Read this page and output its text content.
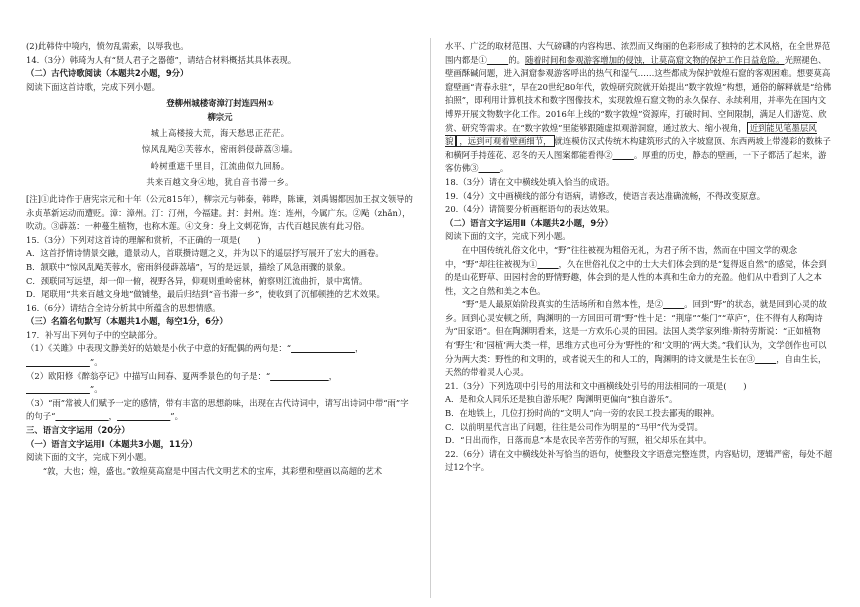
(2)此韩侍中境内，愤勿乱需索，以辱我也。

14.（3分）韩琦为人有“贤人君子之器德”，请结合材料概括其具体表现。

（二）古代诗歌阅读（本题共2小题，9分）

阅读下面这首诗歌，完成下列小题。

登柳州城楼寄漳汀封连四州①

柳宗元

城上高楼接大荒，海天愁思正茫茫。

惊风乱飐②芙蓉水，密雨斜侵薜荔③墙。

岭树重遮千里目，江流曲似九回肠。

共来百越文身④地，犹自音书滞一乡。

[注]①此诗作于唐宪宗元和十年（公元815年），柳宗元与韩泰，韩晔，陈谏，刘禹锡都因加王叔文领导的永贞革新运动而遭贬。漳：漳州。汀：汀州，今福建。封：封州。连：连州，今属广东。②飐（zhǎn），吹动。③薜荔：一种蔓生植物，也称木莲。④文身：身上文刺花饰，古代百越民族有此习俗。

15.（3分）下列对这首诗的理解和赏析，不正确的一项是(　　)

A．这首抒情诗情景交融，遣景动人，首联攒诗题之义，并为以下的遥层抒写展开了宏大的画卷。

B．颔联中“惊风乱飐芙蓉水，密雨斜侵薜荔墙”，写的是远景，描绘了风急雨骤的景象。

C．颈联同写远望，却一仰一俯，视野各异，仰观则重岭密林，俯察则江流曲折，景中寓情。

D．尾联用“共来百越文身地”做铺垫，最后归结到“音书滞一乡”，使收到了沉郁顿挫的艺术效果。

16.（6分）请结合全诗分析其中所蕴含的思想情感。

（三）名篇名句默写（本题共1小题，每空1分，6分）

17．补写出下列句子中的空缺部分。

（1）《关雎》中表现文静美好的姑娘是小伙子中意的好配偶的两句是：“	，
”。

（2）欧阳修《醉翁亭记》中描写山间春、夏两季景色的句子是：“	，
”。

（3）“雨”常被人们赋予一定的感情，带有丰富的思想韵味，出现在古代诗词中，请写出诗词中带“雨”字的句子“	，	”。

三、语言文字运用（20分）

（一）语言文字运用Ⅰ（本题共3小题，11分）

阅读下面的文字，完成下列小题。

“敦，大也；煌，盛也。”敦煌莫高窟是中国古代文明艺术的宝库，其彩塑和壁画以高超的艺术

水平、广泛的取材范围、大气磅礴的内容构思、浓烈而又绚丽的色彩形成了独特的艺术风格，在全世界范围内都是①	的。随着时间和参观游客增加的侵蚀，让莫高窟文物的保护工作日益危险。光照褪色、壁画酥碱问题，进入洞窟参观游客呼出的热气和湿气……这些都成为保护敦煌石窟的客观困难。想要莫高窟壁画“青春永驻”，早在20世纪80年代，敦煌研究院就开始提出“数字敦煌”构想，通俗的解释就是“给佛拍照”，即利用计算机技术和数字图像技术，实现敦煌石窟文物的永久保存、永续利用，并率先在国内文博界开展文物数字化工作。2016年上线的“数字敦煌”资源库，打破时间、空间限制，满足人们游览、欣赏、研究等需求。在“数字敦煌”里能够跟随虚拟观游洞窟，通过放大、缩小视角， 近到能见笔墨层风貌 ，远到可观着壁画细节， 就连模仿汉式传统木构建筑形式的入字坡窟顶、东西两坡上带漫彩的数株子和横阿手持莲花、忍冬的天人图案都能看得②	。厚重的历史，静态的壁画，一下子都活了起来，游客仿佛③	。

18.（3分）请在文中横线处填入恰当的成语。

19.（4分）文中画横线的部分有语病，请修改，使语言表达准确流畅，不得改变原意。

20.（4分）请简要分析画框语句的表达效果。

（二）语言文字运用Ⅱ（本题共2小题，9分）

阅读下面的文字，完成下列小题。

在中国传统礼俗文化中，“野”往往被视为粗俗无礼，为君子所不齿，然而在中国文学的观念中，“野”却往往被视为①	，久在世俗礼仪之中的士大夫们体会到的是“复得返自然”的感觉，体会到的是山花野草、田园村舍的野情野趣，体会到的是人性的本真和生命力的充盈。他们从中看到了人之本性，文之自然和美之本色。

“野”是人最原始阶段真实的生活场所和自然本性，是②	。回到“野”的状态，就是回到心灵的故乡。回到心灵安顿之所，陶渊明的一方回田可谓“野”性十足：“荆扉”“柴门”“草庐”，住不得有人称陶诗为“田家语”。但在陶渊明看来，这是一方欢乐心灵的田园。法国人类学家列维·斯特劳斯说：“正如植物有‘野生’和‘园植’两大类一样，思维方式也可分为‘野性的’和‘文明的’两大类。”我们认为，文学创作也可以分为两大类：野性的和文明的，或者说天生的和人工的，陶渊明的诗文就是生长在③	，自由生长，天然的带着灵人心灵。

21.（3分）下列选项中引号的用法和文中画横线处引号的用法相同的一项是(　　)

A．是和众人同乐还是独自游乐呢？陶渊明更偏向“独自游乐”。

B．在地铁上，几位打扮时尚的“文明人”向一旁的农民工投去鄙夷的眼神。

C．以前明星代言出了问题，往往是公司作为明星的“马甲”代为受罚。

D．“日出而作，日落而息”本是农民辛苦劳作的写照，祖父却乐在其中。

22.（6分）请在文中横线处补写恰当的语句，使整段文字语意完整连贯，内容贴切，逻辑严密，每处不超过12个字。
